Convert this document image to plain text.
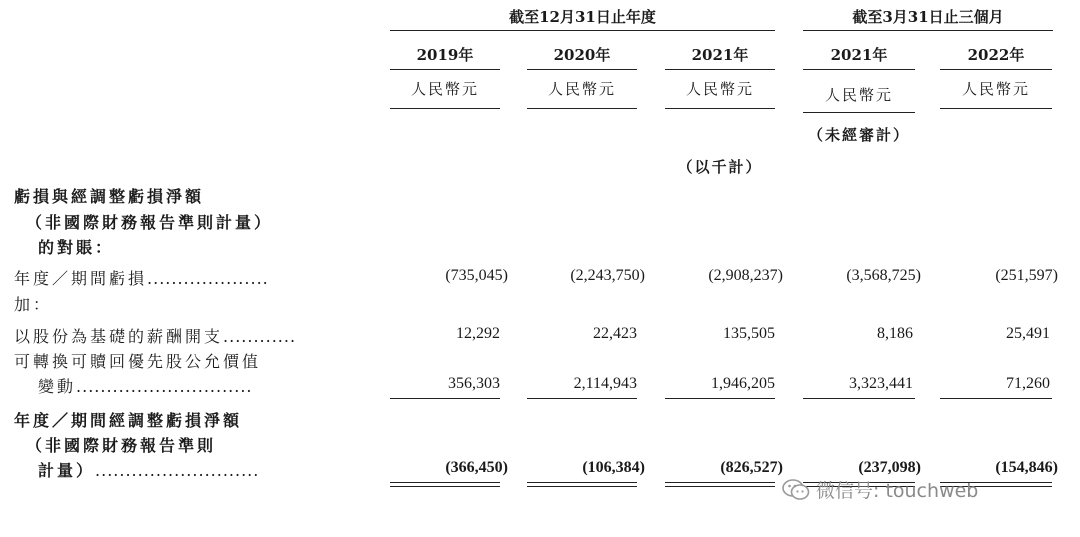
截至12月31日止年度	截至3月31日止三個月
2019年	2020年	2021年	2021年	2022年
人民幣元	人民幣元	人民幣元	人民幣元	人民幣元
（未經審計）
（以千計）
虧損與經調整虧損淨額
（非國際財務報告準則計量）
的對賬：
年度／期間虧損....................	(735,045)	(2,243,750)	(2,908,237)	(3,568,725)	(251,597)
加：
以股份為基礎的薪酬開支............	12,292	22,423	135,505	8,186	25,491
可轉換可贖回優先股公允價值
變動.............................	356,303	2,114,943	1,946,205	3,323,441	71,260
年度／期間經調整虧損淨額
（非國際財務報告準則
計量）...........................	(366,450)	(106,384)	(826,527)	(237,098)	(154,846)
微信号: touchweb
